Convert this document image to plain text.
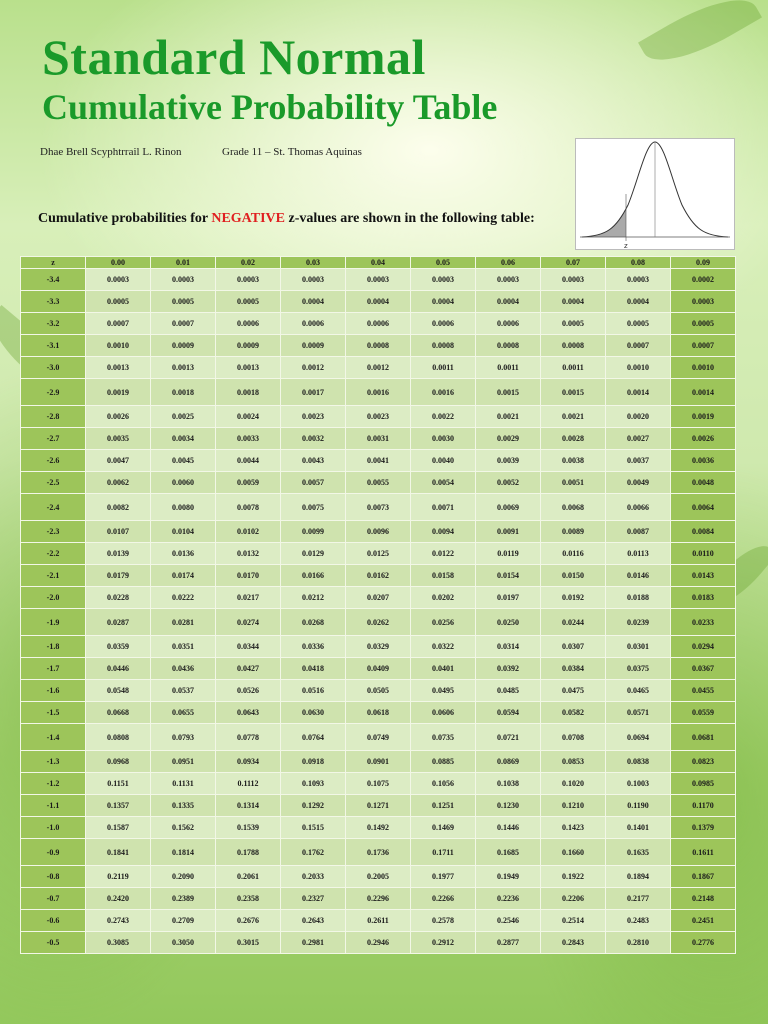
Standard Normal
Cumulative Probability Table
Dhae Brell Scyphtrrail L. Rinon	Grade 11 – St. Thomas Aquinas
Cumulative probabilities for NEGATIVE z-values are shown in the following table:
z
z	0.00	0.01	0.02	0.03	0.04	0.05	0.06	0.07	0.08	0.09
-3.4	0.0003	0.0003	0.0003	0.0003	0.0003	0.0003	0.0003	0.0003	0.0003	0.0002
-3.3	0.0005	0.0005	0.0005	0.0004	0.0004	0.0004	0.0004	0.0004	0.0004	0.0003
-3.2	0.0007	0.0007	0.0006	0.0006	0.0006	0.0006	0.0006	0.0005	0.0005	0.0005
-3.1	0.0010	0.0009	0.0009	0.0009	0.0008	0.0008	0.0008	0.0008	0.0007	0.0007
-3.0	0.0013	0.0013	0.0013	0.0012	0.0012	0.0011	0.0011	0.0011	0.0010	0.0010
-2.9	0.0019	0.0018	0.0018	0.0017	0.0016	0.0016	0.0015	0.0015	0.0014	0.0014
-2.8	0.0026	0.0025	0.0024	0.0023	0.0023	0.0022	0.0021	0.0021	0.0020	0.0019
-2.7	0.0035	0.0034	0.0033	0.0032	0.0031	0.0030	0.0029	0.0028	0.0027	0.0026
-2.6	0.0047	0.0045	0.0044	0.0043	0.0041	0.0040	0.0039	0.0038	0.0037	0.0036
-2.5	0.0062	0.0060	0.0059	0.0057	0.0055	0.0054	0.0052	0.0051	0.0049	0.0048
-2.4	0.0082	0.0080	0.0078	0.0075	0.0073	0.0071	0.0069	0.0068	0.0066	0.0064
-2.3	0.0107	0.0104	0.0102	0.0099	0.0096	0.0094	0.0091	0.0089	0.0087	0.0084
-2.2	0.0139	0.0136	0.0132	0.0129	0.0125	0.0122	0.0119	0.0116	0.0113	0.0110
-2.1	0.0179	0.0174	0.0170	0.0166	0.0162	0.0158	0.0154	0.0150	0.0146	0.0143
-2.0	0.0228	0.0222	0.0217	0.0212	0.0207	0.0202	0.0197	0.0192	0.0188	0.0183
-1.9	0.0287	0.0281	0.0274	0.0268	0.0262	0.0256	0.0250	0.0244	0.0239	0.0233
-1.8	0.0359	0.0351	0.0344	0.0336	0.0329	0.0322	0.0314	0.0307	0.0301	0.0294
-1.7	0.0446	0.0436	0.0427	0.0418	0.0409	0.0401	0.0392	0.0384	0.0375	0.0367
-1.6	0.0548	0.0537	0.0526	0.0516	0.0505	0.0495	0.0485	0.0475	0.0465	0.0455
-1.5	0.0668	0.0655	0.0643	0.0630	0.0618	0.0606	0.0594	0.0582	0.0571	0.0559
-1.4	0.0808	0.0793	0.0778	0.0764	0.0749	0.0735	0.0721	0.0708	0.0694	0.0681
-1.3	0.0968	0.0951	0.0934	0.0918	0.0901	0.0885	0.0869	0.0853	0.0838	0.0823
-1.2	0.1151	0.1131	0.1112	0.1093	0.1075	0.1056	0.1038	0.1020	0.1003	0.0985
-1.1	0.1357	0.1335	0.1314	0.1292	0.1271	0.1251	0.1230	0.1210	0.1190	0.1170
-1.0	0.1587	0.1562	0.1539	0.1515	0.1492	0.1469	0.1446	0.1423	0.1401	0.1379
-0.9	0.1841	0.1814	0.1788	0.1762	0.1736	0.1711	0.1685	0.1660	0.1635	0.1611
-0.8	0.2119	0.2090	0.2061	0.2033	0.2005	0.1977	0.1949	0.1922	0.1894	0.1867
-0.7	0.2420	0.2389	0.2358	0.2327	0.2296	0.2266	0.2236	0.2206	0.2177	0.2148
-0.6	0.2743	0.2709	0.2676	0.2643	0.2611	0.2578	0.2546	0.2514	0.2483	0.2451
-0.5	0.3085	0.3050	0.3015	0.2981	0.2946	0.2912	0.2877	0.2843	0.2810	0.2776
